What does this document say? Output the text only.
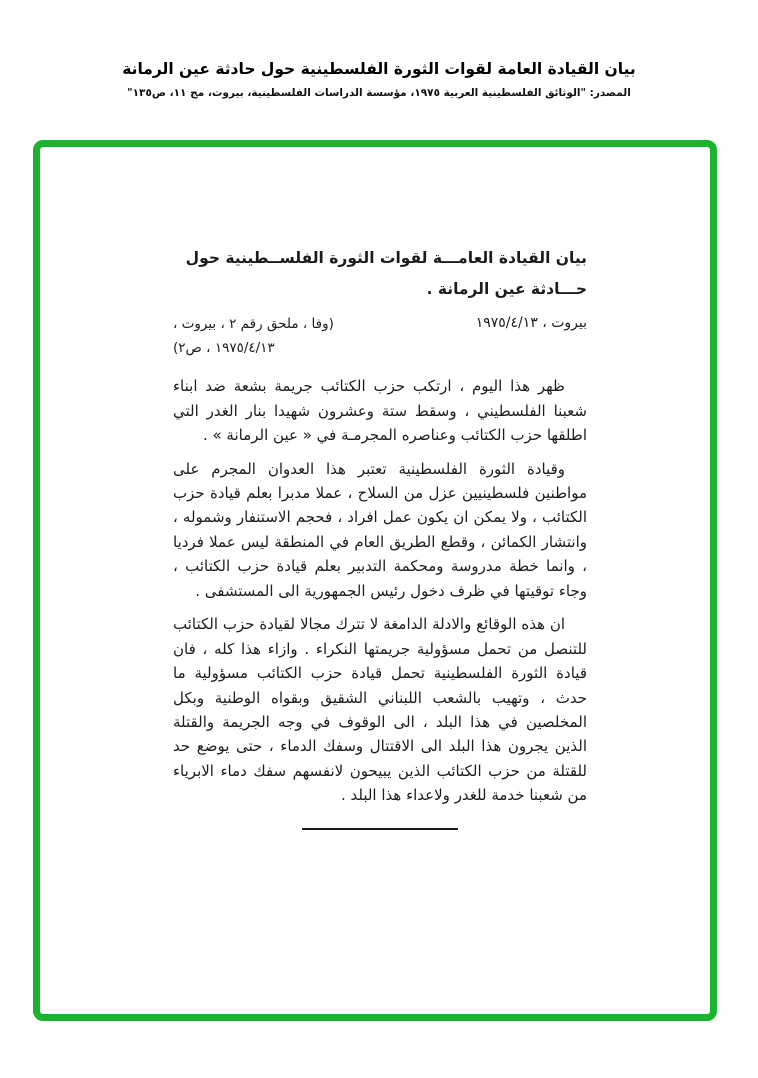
بيان القيادة العامة لقوات الثورة الفلسطينية حول حادثة عين الرمانة
المصدر: "الوثائق الفلسطينية العربية ١٩٧٥، مؤسسة الدراسات الفلسطينية، بيروت، مج ١١، ص١٣٥"
بيان القيادة العامـــة لقوات الثورة الفلســطينية حول حـــادثة عين الرمانة .
بيروت ، ١٩٧٥/٤/١٣
(وفا ، ملحق رقم ٢ ، بيروت ، ١٩٧٥/٤/١٣ ، ص٢)

ظهر هذا اليوم ، ارتكب حزب الكتائب جريمة بشعة ضد ابناء شعبنا الفلسطيني ، وسقط ستة وعشرون شهيدا بنار الغدر التي اطلقها حزب الكتائب وعناصره المجرمـة في « عين الرمانة » .

وقيادة الثورة الفلسطينية تعتبر هذا العدوان المجرم على مواطنين فلسطينيين عزل من السلاح ، عملا مدبرا بعلم قيادة حزب الكتائب ، ولا يمكن ان يكون عمل افراد ، فحجم الاستنفار وشموله ، وانتشار الكمائن ، وقطع الطريق العام في المنطقة ليس عملا فرديا ، وانما خطة مدروسة ومحكمة التدبير بعلم قيادة حزب الكتائب ، وجاء توقيتها في ظرف دخول رئيس الجمهورية الى المستشفى .

ان هذه الوقائع والادلة الدامغة لا تترك مجالا لقيادة حزب الكتائب للتنصل من تحمل مسؤولية جريمتها النكراء . وازاء هذا كله ، فان قيادة الثورة الفلسطينية تحمل قيادة حزب الكتائب مسؤولية ما حدث ، وتهيب بالشعب اللبناني الشقيق وبقواه الوطنية وبكل المخلصين في هذا البلد ، الى الوقوف في وجه الجريمة والقتلة الذين يجرون هذا البلد الى الاقتتال وسفك الدماء ، حتى يوضع حد للقتلة من حزب الكتائب الذين يبيحون لانفسهم سفك دماء الابرياء من شعبنا خدمة للغدر ولاعداء هذا البلد .
